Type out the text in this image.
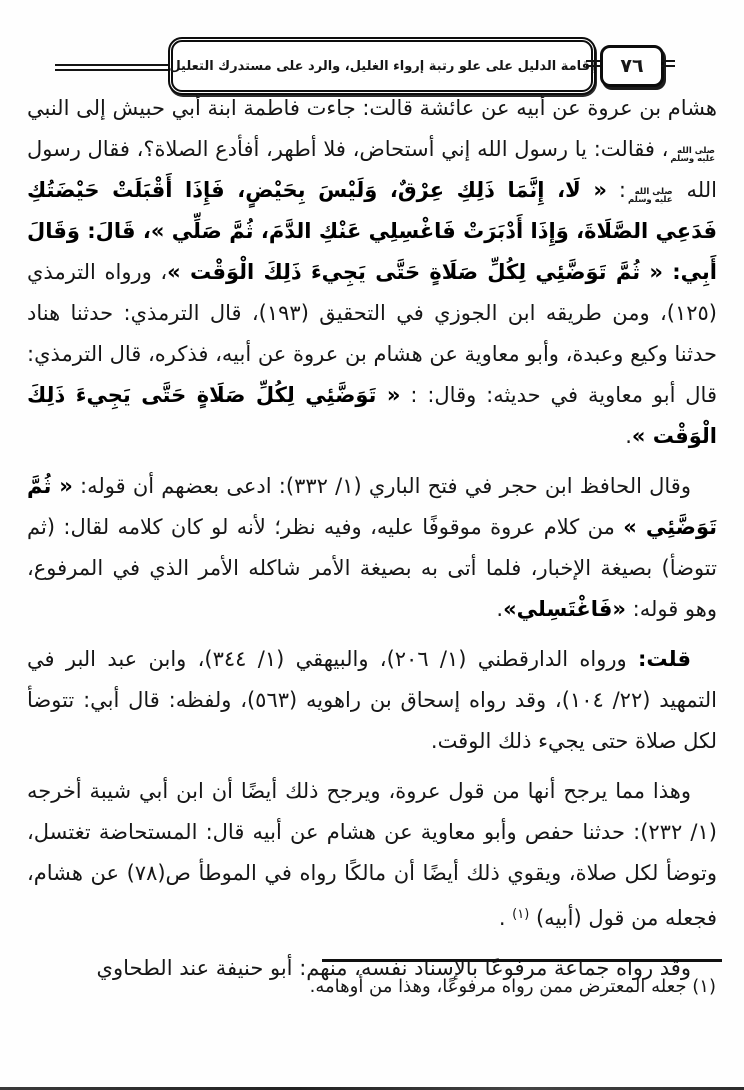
إقامة الدليل على علو رتبة إرواء الغليل، والرد على مستدرك التعليل ٧٦

هشام بن عروة عن أبيه عن عائشة قالت: جاءت فاطمة ابنة أبي حبيش إلى النبي صلى الله
عليه وسلم، فقالت: يا رسول الله إني أستحاض، فلا أطهر، أفأدع الصلاة؟، فقال رسول الله صلى الله
عليه وسلم: « لَا، إِنَّمَا ذَلِكِ عِرْقٌ، وَلَيْسَ بِحَيْضٍ، فَإِذَا أَقْبَلَتْ حَيْضَتُكِ فَدَعِي الصَّلَاةَ، وَإِذَا أَدْبَرَتْ فَاغْسِلِي عَنْكِ الدَّمَ، ثُمَّ صَلِّي »، قَالَ: وَقَالَ أَبِي: « ثُمَّ تَوَضَّئِي لِكُلِّ صَلَاةٍ حَتَّى يَجِيءَ ذَلِكَ الْوَقْت »، ورواه الترمذي (١٢٥)، ومن طريقه ابن الجوزي في التحقيق (١٩٣)، قال الترمذي: حدثنا هناد حدثنا وكيع وعبدة، وأبو معاوية عن هشام بن عروة عن أبيه، فذكره، قال الترمذي: قال أبو معاوية في حديثه: وقال: : « تَوَضَّئِي لِكُلِّ صَلَاةٍ حَتَّى يَجِيءَ ذَلِكَ الْوَقْت ».

وقال الحافظ ابن حجر في فتح الباري (١/ ٣٣٢): ادعى بعضهم أن قوله: « ثُمَّ تَوَضَّئِي » من كلام عروة موقوفًا عليه، وفيه نظر؛ لأنه لو كان كلامه لقال: (ثم تتوضأ) بصيغة الإخبار، فلما أتى به بصيغة الأمر شاكله الأمر الذي في المرفوع، وهو قوله: «فَاغْتَسِلي».

قلت: ورواه الدارقطني (١/ ٢٠٦)، والبيهقي (١/ ٣٤٤)، وابن عبد البر في التمهيد (٢٢/ ١٠٤)، وقد رواه إسحاق بن راهويه (٥٦٣)، ولفظه: قال أبي: تتوضأ لكل صلاة حتى يجيء ذلك الوقت.

وهذا مما يرجح أنها من قول عروة، ويرجح ذلك أيضًا أن ابن أبي شيبة أخرجه (١/ ٢٣٢): حدثنا حفص وأبو معاوية عن هشام عن أبيه قال: المستحاضة تغتسل، وتوضأ لكل صلاة، ويقوي ذلك أيضًا أن مالكًا رواه في الموطأ ص(٧٨) عن هشام، فجعله من قول (أبيه) $^{(١)}$ .

وقد رواه جماعة مرفوعًا بالإسناد نفسه، منهم: أبو حنيفة عند الطحاوي

(١) جعله المعترض ممن رواه مرفوعًا، وهذا من أوهامه.
